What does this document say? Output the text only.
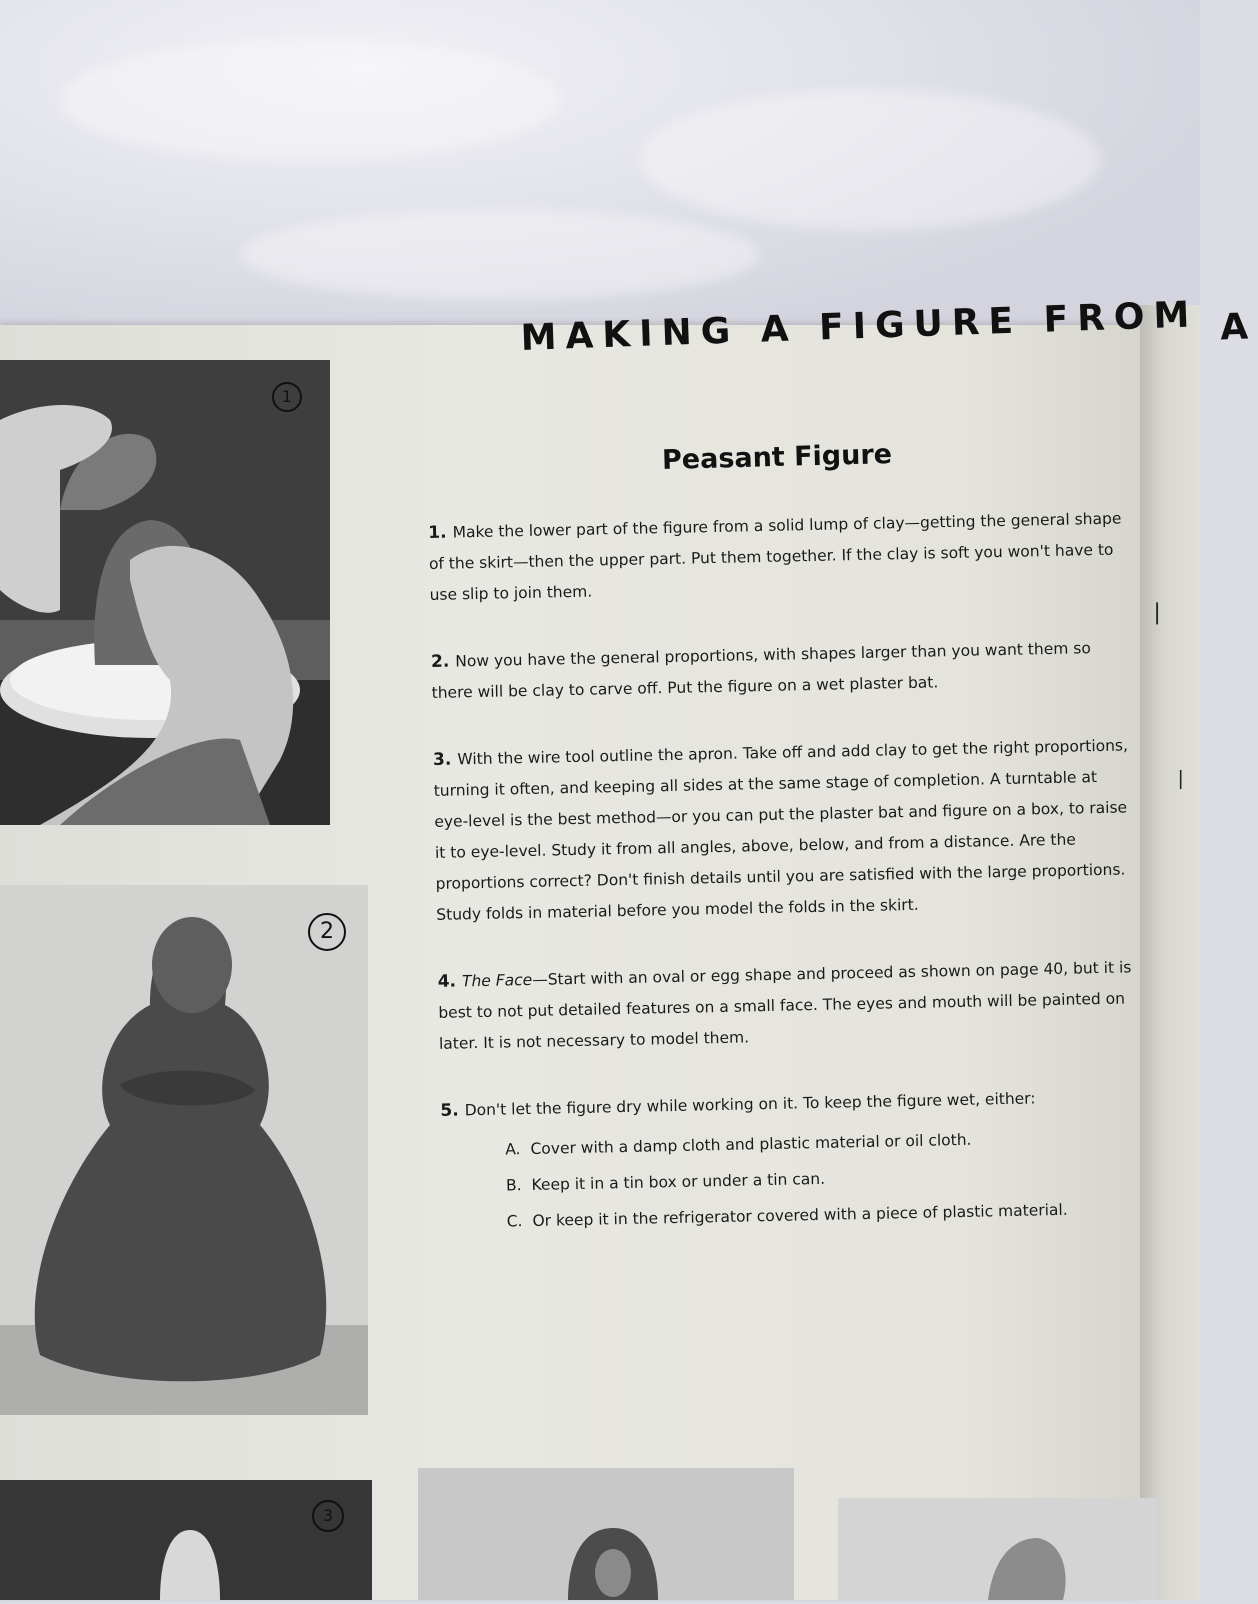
MAKING A FIGURE FROM A
Peasant Figure

1. Make the lower part of the figure from a solid lump of clay—getting the general shape of the skirt—then the upper part. Put them together. If the clay is soft you won't have to use slip to join them.

2. Now you have the general proportions, with shapes larger than you want them so there will be clay to carve off. Put the figure on a wet plaster bat.

3. With the wire tool outline the apron. Take off and add clay to get the right proportions, turning it often, and keeping all sides at the same stage of completion. A turntable at eye-level is the best method—or you can put the plaster bat and figure on a box, to raise it to eye-level. Study it from all angles, above, below, and from a distance. Are the proportions correct? Don't finish details until you are satisfied with the large proportions. Study folds in material before you model the folds in the skirt.

4. The Face—Start with an oval or egg shape and proceed as shown on page 40, but it is best to not put detailed features on a small face. The eyes and mouth will be painted on later. It is not necessary to model them.

5. Don't let the figure dry while working on it. To keep the figure wet, either:
A. Cover with a damp cloth and plastic material or oil cloth.
B. Keep it in a tin box or under a tin can.
C. Or keep it in the refrigerator covered with a piece of plastic material.
1
2
3
❘
▏
